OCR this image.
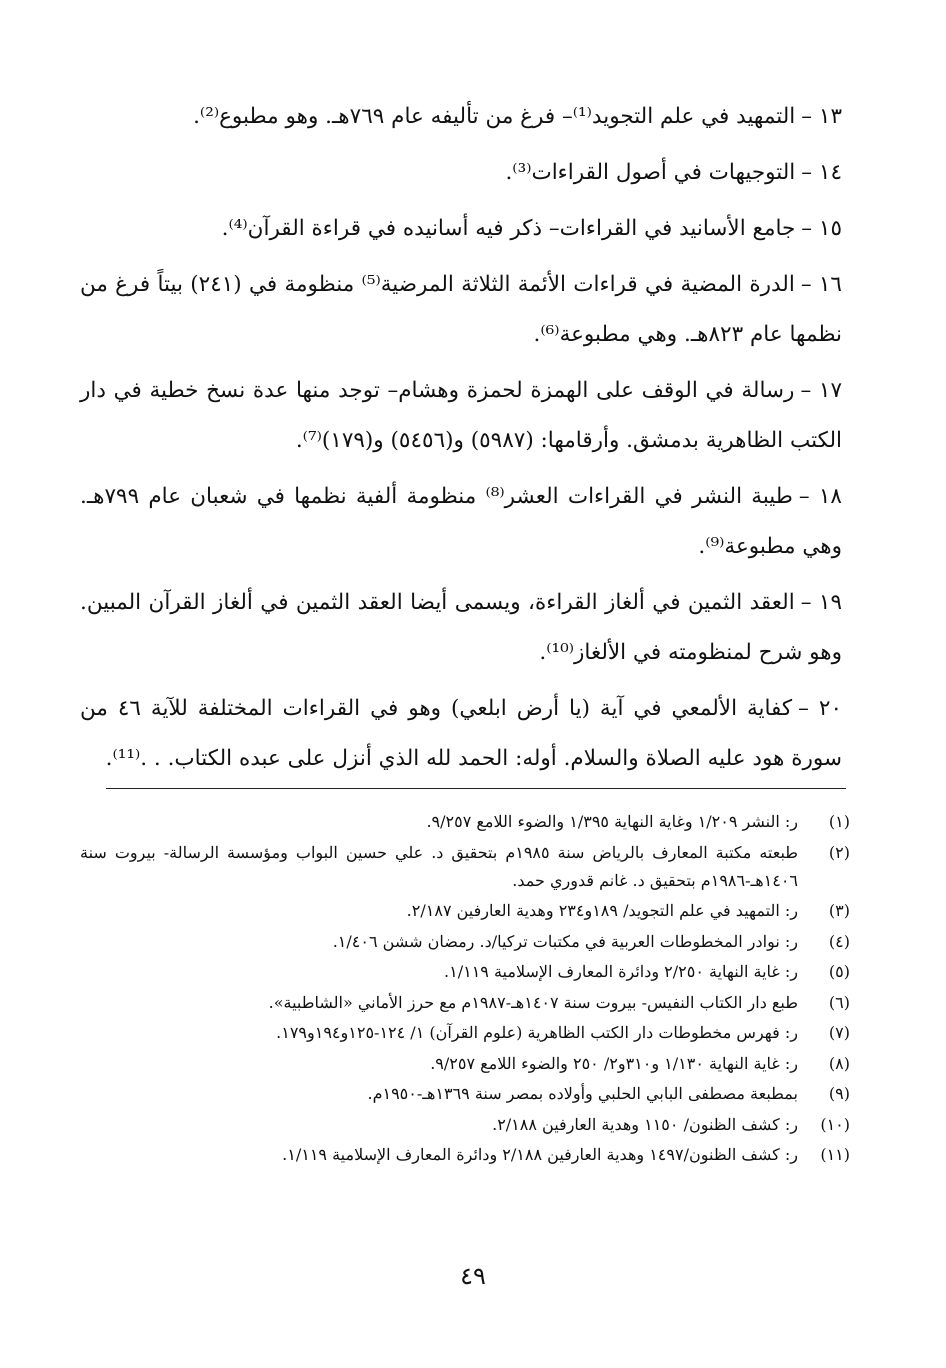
١٣ –التمهيد في علم التجويد⁽¹⁾– فرغ من تأليفه عام ٧٦٩هـ. وهو مطبوع⁽²⁾.

١٤ –التوجيهات في أصول القراءات⁽³⁾.

١٥ –جامع الأسانيد في القراءات– ذكر فيه أسانيده في قراءة القرآن⁽⁴⁾.

١٦ –الدرة المضية في قراءات الأئمة الثلاثة المرضية⁽⁵⁾ منظومة في (٢٤١) بيتاً فرغ من نظمها عام ٨٢٣هـ. وهي مطبوعة⁽⁶⁾.

١٧ –رسالة في الوقف على الهمزة لحمزة وهشام– توجد منها عدة نسخ خطية في دار الكتب الظاهرية بدمشق. وأرقامها: (٥٩٨٧) و(٥٤٥٦) و(١٧٩)⁽⁷⁾.

١٨ –طيبة النشر في القراءات العشر⁽⁸⁾ منظومة ألفية نظمها في شعبان عام ٧٩٩هـ. وهي مطبوعة⁽⁹⁾.

١٩ –العقد الثمين في ألغاز القراءة، ويسمى أيضا العقد الثمين في ألغاز القرآن المبين. وهو شرح لمنظومته في الألغاز⁽¹⁰⁾.

٢٠ –كفاية الألمعي في آية (يا أرض ابلعي) وهو في القراءات المختلفة للآية ٤٦ من سورة هود عليه الصلاة والسلام. أوله: الحمد لله الذي أنزل على عبده الكتاب. . .⁽¹¹⁾.

(١)
ر: النشر ١/٢٠٩ وغاية النهاية ١/٣٩٥ والضوء اللامع ٩/٢٥٧.
(٢)
طبعته مكتبة المعارف بالرياض سنة ١٩٨٥م بتحقيق د. علي حسين البواب ومؤسسة الرسالة- بيروت سنة ١٤٠٦هـ-١٩٨٦م بتحقيق د. غانم قدوري حمد.
(٣)
ر: التمهيد في علم التجويد/ ١٨٩و٢٣٤ وهدية العارفين ٢/١٨٧.
(٤)
ر: نوادر المخطوطات العربية في مكتبات تركيا/د. رمضان ششن ١/٤٠٦.
(٥)
ر: غاية النهاية ٢/٢٥٠ ودائرة المعارف الإسلامية ١/١١٩.
(٦)
طبع دار الكتاب النفيس- بيروت سنة ١٤٠٧هـ-١٩٨٧م مع حرز الأماني «الشاطبية».
(٧)
ر: فهرس مخطوطات دار الكتب الظاهرية (علوم القرآن) ١/ ١٢٤-١٢٥و١٩٤و١٧٩.
(٨)
ر: غاية النهاية ١/١٣٠ و٣١٠و٢/ ٢٥٠ والضوء اللامع ٩/٢٥٧.
(٩)
بمطبعة مصطفى البابي الحلبي وأولاده بمصر سنة ١٣٦٩هـ-١٩٥٠م.
(١٠)
ر: كشف الظنون/ ١١٥٠ وهدية العارفين ٢/١٨٨.
(١١)
ر: كشف الظنون/١٤٩٧ وهدية العارفين ٢/١٨٨ ودائرة المعارف الإسلامية ١/١١٩.
٤٩
